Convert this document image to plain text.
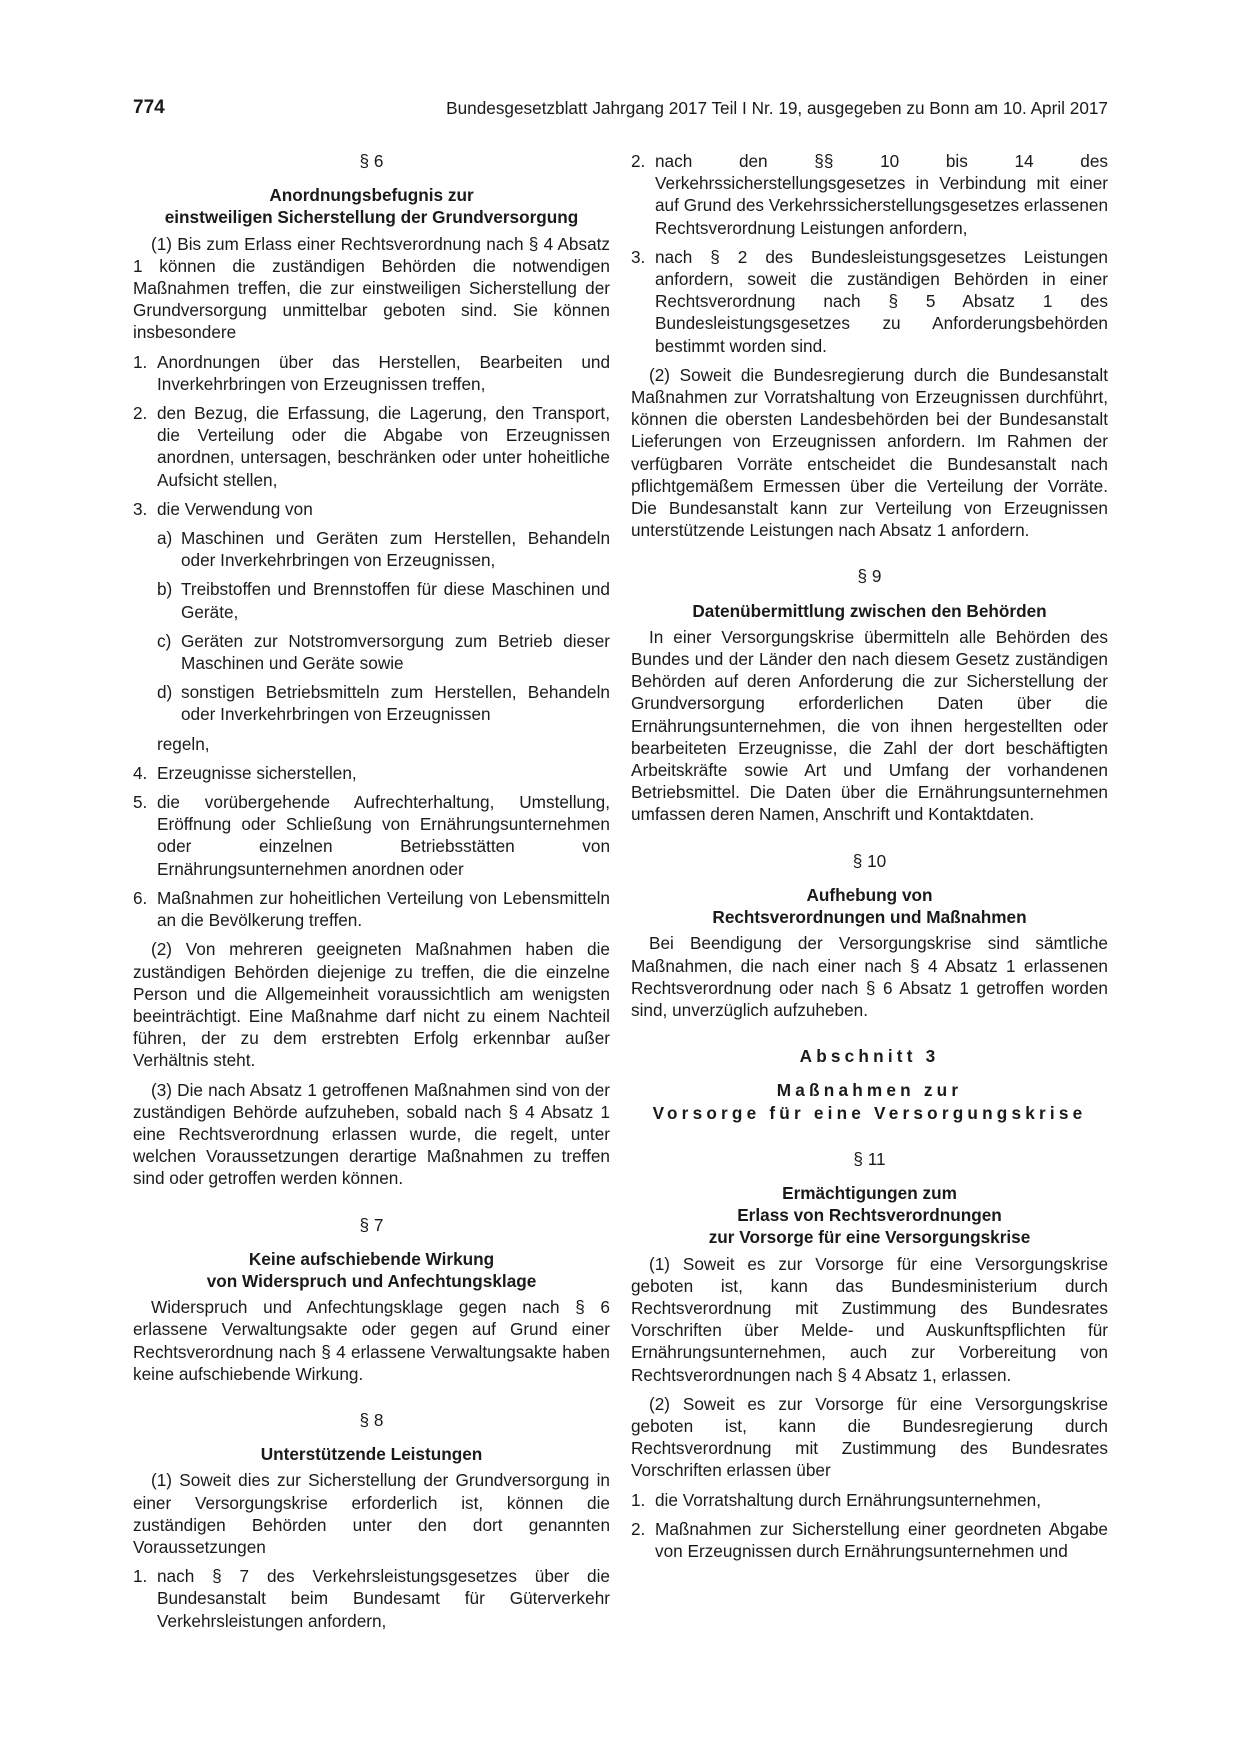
774	Bundesgesetzblatt Jahrgang 2017 Teil I Nr. 19, ausgegeben zu Bonn am 10. April 2017

§ 6

Anordnungsbefugnis zur

einstweiligen Sicherstellung der Grundversorgung

(1) Bis zum Erlass einer Rechtsverordnung nach § 4 Absatz 1 können die zuständigen Behörden die notwendigen Maßnahmen treffen, die zur einstweiligen Sicherstellung der Grundversorgung unmittelbar geboten sind. Sie können insbesondere

1. Anordnungen über das Herstellen, Bearbeiten und Inverkehrbringen von Erzeugnissen treffen,
2. den Bezug, die Erfassung, die Lagerung, den Transport, die Verteilung oder die Abgabe von Erzeugnissen anordnen, untersagen, beschränken oder unter hoheitliche Aufsicht stellen,
3. die Verwendung von
a) Maschinen und Geräten zum Herstellen, Behandeln oder Inverkehrbringen von Erzeugnissen,
b) Treibstoffen und Brennstoffen für diese Maschinen und Geräte,
c) Geräten zur Notstromversorgung zum Betrieb dieser Maschinen und Geräte sowie
d) sonstigen Betriebsmitteln zum Herstellen, Behandeln oder Inverkehrbringen von Erzeugnissen

regeln,

4. Erzeugnisse sicherstellen,
5. die vorübergehende Aufrechterhaltung, Umstellung, Eröffnung oder Schließung von Ernährungsunternehmen oder einzelnen Betriebsstätten von Ernährungsunternehmen anordnen oder
6. Maßnahmen zur hoheitlichen Verteilung von Lebensmitteln an die Bevölkerung treffen.

(2) Von mehreren geeigneten Maßnahmen haben die zuständigen Behörden diejenige zu treffen, die die einzelne Person und die Allgemeinheit voraussichtlich am wenigsten beeinträchtigt. Eine Maßnahme darf nicht zu einem Nachteil führen, der zu dem erstrebten Erfolg erkennbar außer Verhältnis steht.

(3) Die nach Absatz 1 getroffenen Maßnahmen sind von der zuständigen Behörde aufzuheben, sobald nach § 4 Absatz 1 eine Rechtsverordnung erlassen wurde, die regelt, unter welchen Voraussetzungen derartige Maßnahmen zu treffen sind oder getroffen werden können.

§ 7

Keine aufschiebende Wirkung

von Widerspruch und Anfechtungsklage

Widerspruch und Anfechtungsklage gegen nach § 6 erlassene Verwaltungsakte oder gegen auf Grund einer Rechtsverordnung nach § 4 erlassene Verwaltungsakte haben keine aufschiebende Wirkung.

§ 8

Unterstützende Leistungen

(1) Soweit dies zur Sicherstellung der Grundversorgung in einer Versorgungskrise erforderlich ist, können die zuständigen Behörden unter den dort genannten Voraussetzungen

1. nach § 7 des Verkehrsleistungsgesetzes über die Bundesanstalt beim Bundesamt für Güterverkehr Verkehrsleistungen anfordern,
2. nach den §§ 10 bis 14 des Verkehrssicherstellungsgesetzes in Verbindung mit einer auf Grund des Verkehrssicherstellungsgesetzes erlassenen Rechtsverordnung Leistungen anfordern,
3. nach § 2 des Bundesleistungsgesetzes Leistungen anfordern, soweit die zuständigen Behörden in einer Rechtsverordnung nach § 5 Absatz 1 des Bundesleistungsgesetzes zu Anforderungsbehörden bestimmt worden sind.

(2) Soweit die Bundesregierung durch die Bundesanstalt Maßnahmen zur Vorratshaltung von Erzeugnissen durchführt, können die obersten Landesbehörden bei der Bundesanstalt Lieferungen von Erzeugnissen anfordern. Im Rahmen der verfügbaren Vorräte entscheidet die Bundesanstalt nach pflichtgemäßem Ermessen über die Verteilung der Vorräte. Die Bundesanstalt kann zur Verteilung von Erzeugnissen unterstützende Leistungen nach Absatz 1 anfordern.

§ 9

Datenübermittlung zwischen den Behörden

In einer Versorgungskrise übermitteln alle Behörden des Bundes und der Länder den nach diesem Gesetz zuständigen Behörden auf deren Anforderung die zur Sicherstellung der Grundversorgung erforderlichen Daten über die Ernährungsunternehmen, die von ihnen hergestellten oder bearbeiteten Erzeugnisse, die Zahl der dort beschäftigten Arbeitskräfte sowie Art und Umfang der vorhandenen Betriebsmittel. Die Daten über die Ernährungsunternehmen umfassen deren Namen, Anschrift und Kontaktdaten.

§ 10

Aufhebung von

Rechtsverordnungen und Maßnahmen

Bei Beendigung der Versorgungskrise sind sämtliche Maßnahmen, die nach einer nach § 4 Absatz 1 erlassenen Rechtsverordnung oder nach § 6 Absatz 1 getroffen worden sind, unverzüglich aufzuheben.

Abschnitt 3

Maßnahmen zur

Vorsorge für eine Versorgungskrise

§ 11

Ermächtigungen zum

Erlass von Rechtsverordnungen

zur Vorsorge für eine Versorgungskrise

(1) Soweit es zur Vorsorge für eine Versorgungskrise geboten ist, kann das Bundesministerium durch Rechtsverordnung mit Zustimmung des Bundesrates Vorschriften über Melde- und Auskunftspflichten für Ernährungsunternehmen, auch zur Vorbereitung von Rechtsverordnungen nach § 4 Absatz 1, erlassen.

(2) Soweit es zur Vorsorge für eine Versorgungskrise geboten ist, kann die Bundesregierung durch Rechtsverordnung mit Zustimmung des Bundesrates Vorschriften erlassen über

1. die Vorratshaltung durch Ernährungsunternehmen,
2. Maßnahmen zur Sicherstellung einer geordneten Abgabe von Erzeugnissen durch Ernährungsunternehmen und
